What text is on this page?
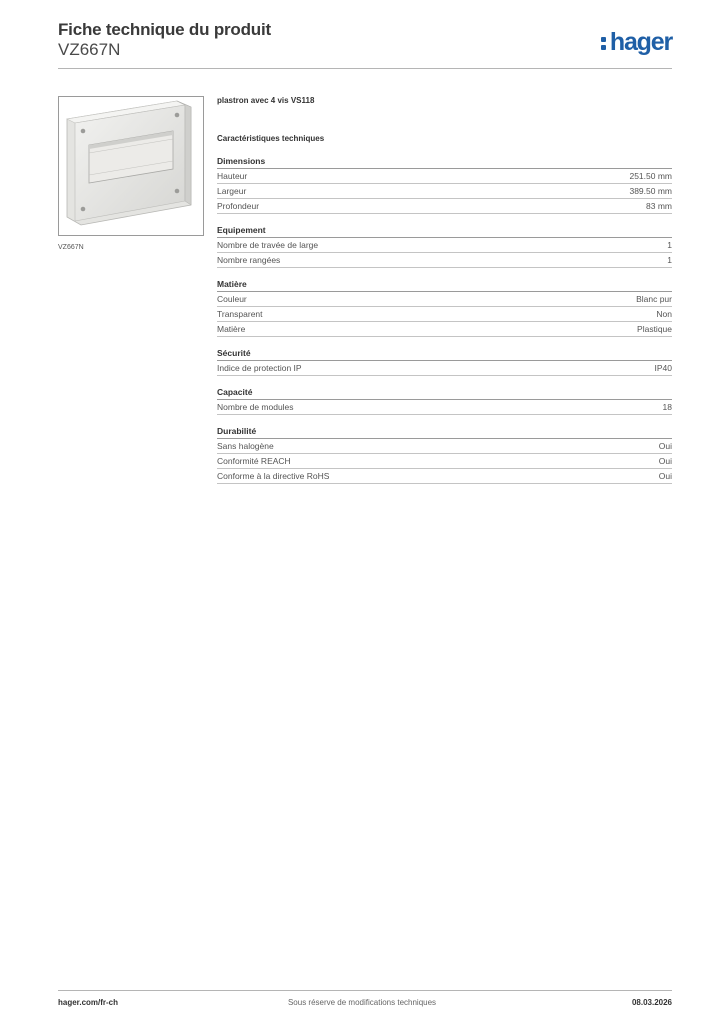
Fiche technique du produit
VZ667N	hager
VZ667N
plastron avec 4 vis VS118
Caractéristiques techniques
Dimensions
Hauteur	251.50 mm
Largeur	389.50 mm
Profondeur	83 mm
Equipement
Nombre de travée de large	1
Nombre rangées	1
Matière
Couleur	Blanc pur
Transparent	Non
Matière	Plastique
Sécurité
Indice de protection IP	IP40
Capacité
Nombre de modules	18
Durabilité
Sans halogène	Oui
Conformité REACH	Oui
Conforme à la directive RoHS	Oui
hager.com/fr-ch	Sous réserve de modifications techniques	08.03.2026
